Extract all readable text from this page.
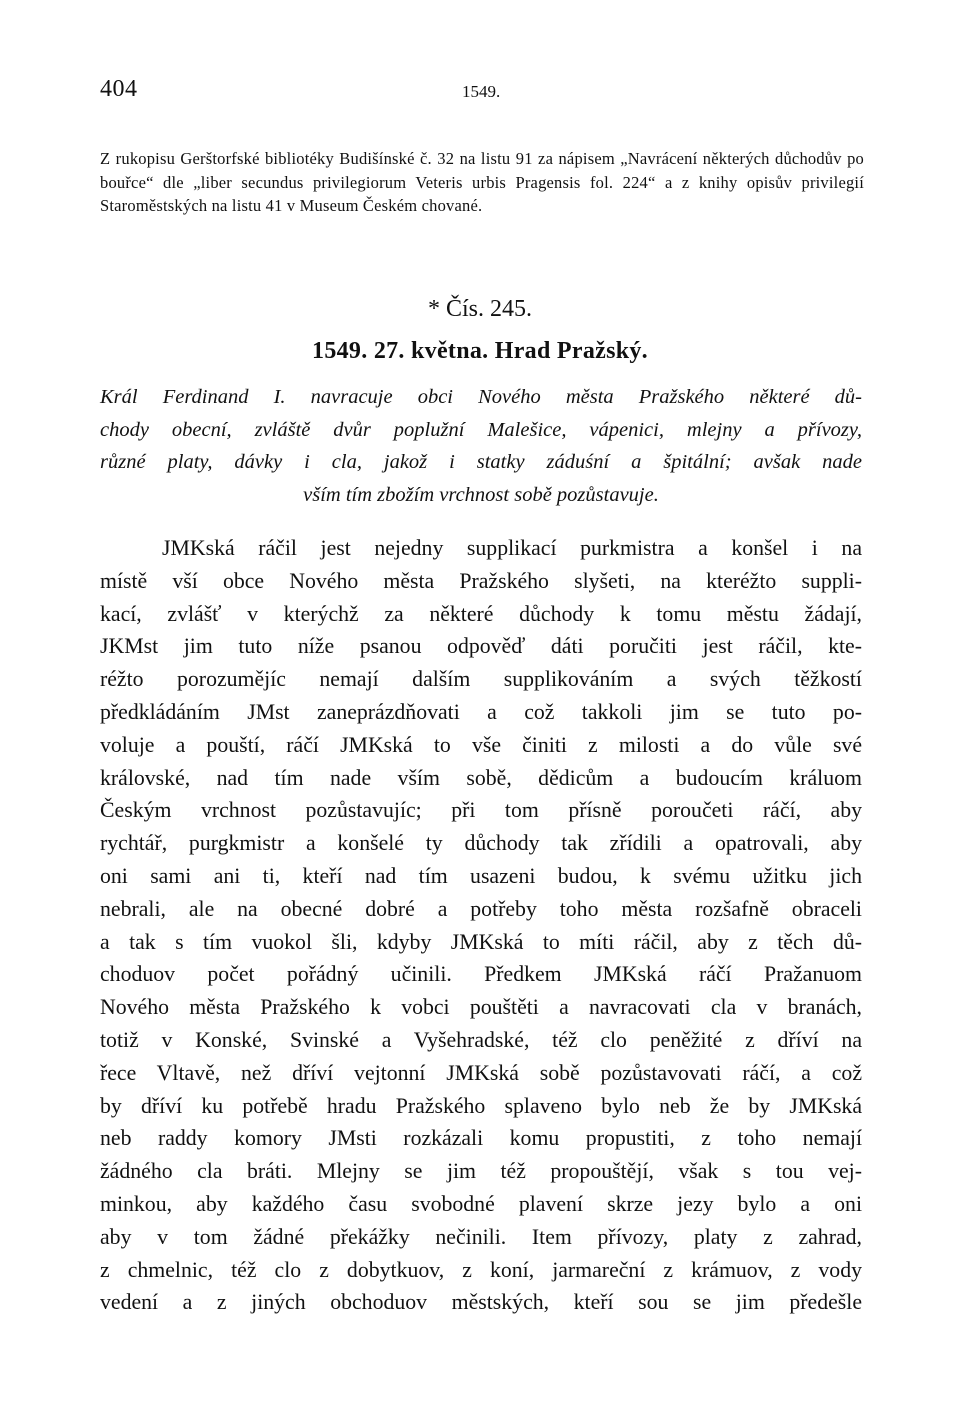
404	1549.
Z rukopisu Gerštorfské bibliotéky Budišínské č. 32 na listu 91 za nápisem „Navrácení některých důchodův po bouřce“ dle „liber secundus privilegiorum Veteris urbis Pragensis fol. 224“ a z knihy opisův privilegií Staroměstských na listu 41 v Museum Českém chované.
* Čís. 245.
1549. 27. května. Hrad Pražský.
Král Ferdinand I. navracuje obci Nového města Pražského některé dů-
chody obecní, zvláště dvůr poplužní Malešice, vápenici, mlejny a přívozy,
různé platy, dávky i cla, jakož i statky záduśní a špitální; avšak nade
vším tím zbožím vrchnost sobě pozůstavuje.
JMKská ráčil jest nejedny supplikací purkmistra a konšel i na
místě vší obce Nového města Pražského slyšeti, na kteréžto suppli-
kací, zvlášť v kterýchž za některé důchody k tomu městu žádají,
JKMst jim tuto níže psanou odpověď dáti poručiti jest ráčil, kte-
réžto porozumějíc nemají dalším supplikováním a svých těžkostí
předkládáním JMst zaneprázdňovati a což takkoli jim se tuto po-
voluje a pouští, ráčí JMKská to vše činiti z milosti a do vůle své
královské, nad tím nade vším sobě, dědicům a budoucím králuom
Českým vrchnost pozůstavujíc; při tom přísně poroučeti ráčí, aby
rychtář, purgkmistr a konšelé ty důchody tak zřídili a opatrovali, aby
oni sami ani ti, kteří nad tím usazeni budou, k svému užitku jich
nebrali, ale na obecné dobré a potřeby toho města rozšafně obraceli
a tak s tím vuokol šli, kdyby JMKská to míti ráčil, aby z těch dů-
choduov počet pořádný učinili. Předkem JMKská ráčí Pražanuom
Nového města Pražského k vobci pouštěti a navracovati cla v branách,
totiž v Konské, Svinské a Vyšehradské, též clo peněžité z dříví na
řece Vltavě, než dříví vejtonní JMKská sobě pozůstavovati ráčí, a což
by dříví ku potřebě hradu Pražského splaveno bylo neb že by JMKská
neb raddy komory JMsti rozkázali komu propustiti, z toho nemají
žádného cla bráti. Mlejny se jim též propouštějí, však s tou vej-
minkou, aby každého času svobodné plavení skrze jezy bylo a oni
aby v tom žádné překážky nečinili. Item přívozy, platy z zahrad,
z chmelnic, též clo z dobytkuov, z koní, jarmareční z krámuov, z vody
vedení a z jiných obchoduov městských, kteří sou se jim předešle
